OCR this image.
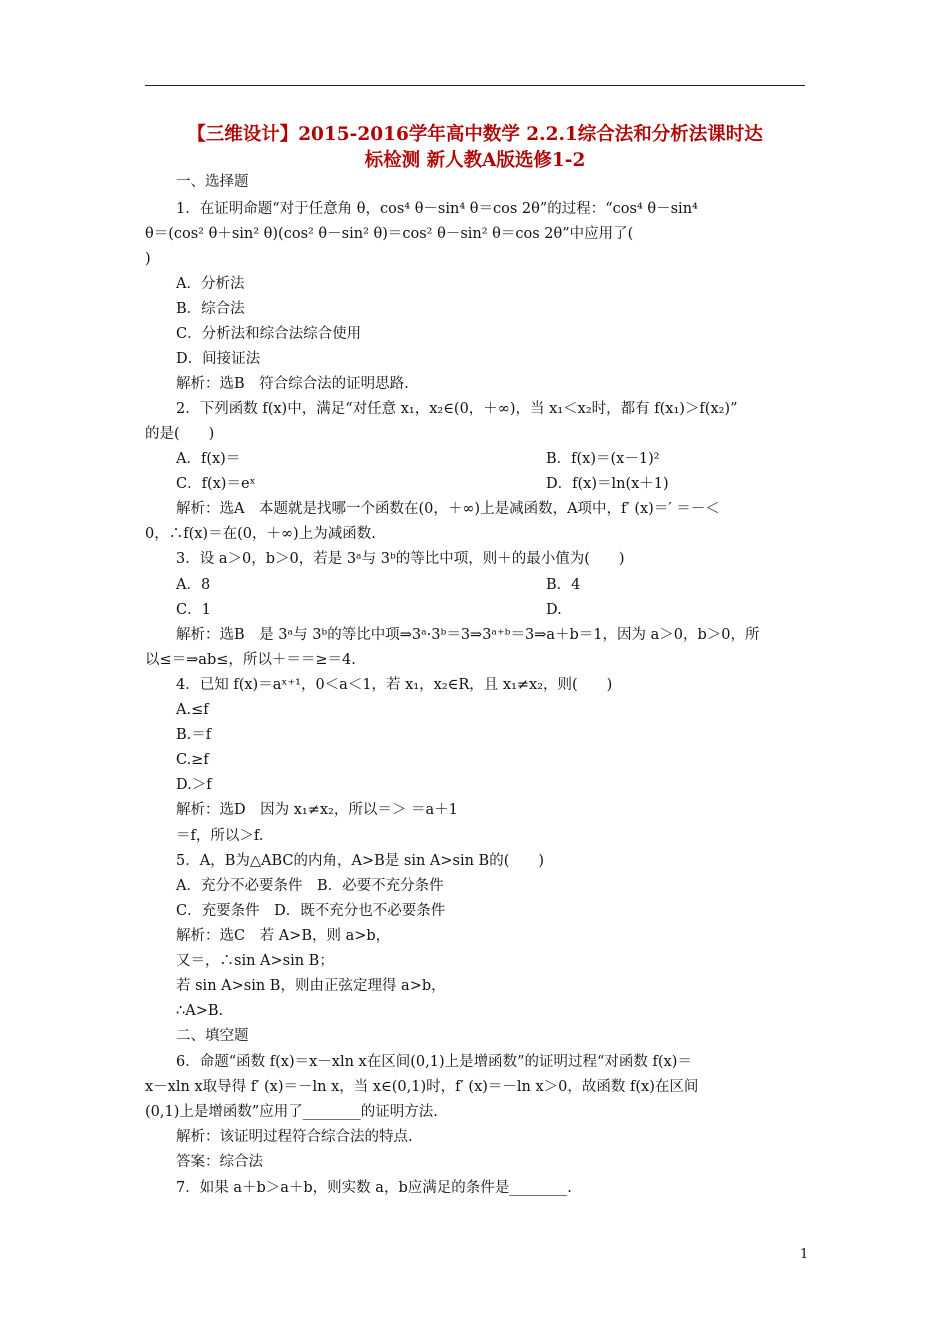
【三维设计】2015-2016学年高中数学 2.2.1综合法和分析法课时达
标检测 新人教A版选修1-2
一、选择题
1．在证明命题“对于任意角 θ，cos⁴ θ－sin⁴ θ＝cos 2θ”的过程：“cos⁴ θ－sin⁴
θ＝(cos² θ＋sin² θ)(cos² θ－sin² θ)＝cos² θ－sin² θ＝cos 2θ”中应用了(
)
A．分析法
B．综合法
C．分析法和综合法综合使用
D．间接证法
解析：选B　符合综合法的证明思路.
2．下列函数 f(x)中，满足“对任意 x₁，x₂∈(0，＋∞)，当 x₁＜x₂时，都有 f(x₁)＞f(x₂)”
的是(　　)
A．f(x)＝	B．f(x)＝(x－1)²
C．f(x)＝eˣ	D．f(x)＝ln(x＋1)
解析：选A　本题就是找哪一个函数在(0，＋∞)上是减函数，A项中，f′ (x)＝′ ＝－＜
0，∴f(x)＝在(0，＋∞)上为减函数.
3．设 a＞0，b＞0，若是 3ᵃ与 3ᵇ的等比中项，则＋的最小值为(　　)
A．8	B．4
C．1	D.
解析：选B　是 3ᵃ与 3ᵇ的等比中项⇒3ᵃ·3ᵇ＝3⇒3ᵃ⁺ᵇ＝3⇒a＋b＝1，因为 a＞0，b＞0，所
以≤＝⇒ab≤，所以＋＝＝≥＝4.
4．已知 f(x)＝aˣ⁺¹，0＜a＜1，若 x₁，x₂∈R，且 x₁≠x₂，则(　　)
A.≤f
B.＝f
C.≥f
D.＞f
解析：选D　因为 x₁≠x₂，所以＝＞ ＝a＋1
＝f，所以＞f.
5．A，B为△ABC的内角，A>B是 sin A>sin B的(　　)
A．充分不必要条件　B．必要不充分条件
C．充要条件　D．既不充分也不必要条件
解析：选C　若 A>B，则 a>b，
又＝，∴sin A>sin B；
若 sin A>sin B，则由正弦定理得 a>b，
∴A>B.
二、填空题
6．命题“函数 f(x)＝x－xln x在区间(0,1)上是增函数”的证明过程“对函数 f(x)＝
x－xln x取导得 f′ (x)＝－ln x，当 x∈(0,1)时，f′ (x)＝－ln x＞0，故函数 f(x)在区间
(0,1)上是增函数”应用了________的证明方法.
解析：该证明过程符合综合法的特点.
答案：综合法
7．如果 a＋b＞a＋b，则实数 a，b应满足的条件是________.
1
